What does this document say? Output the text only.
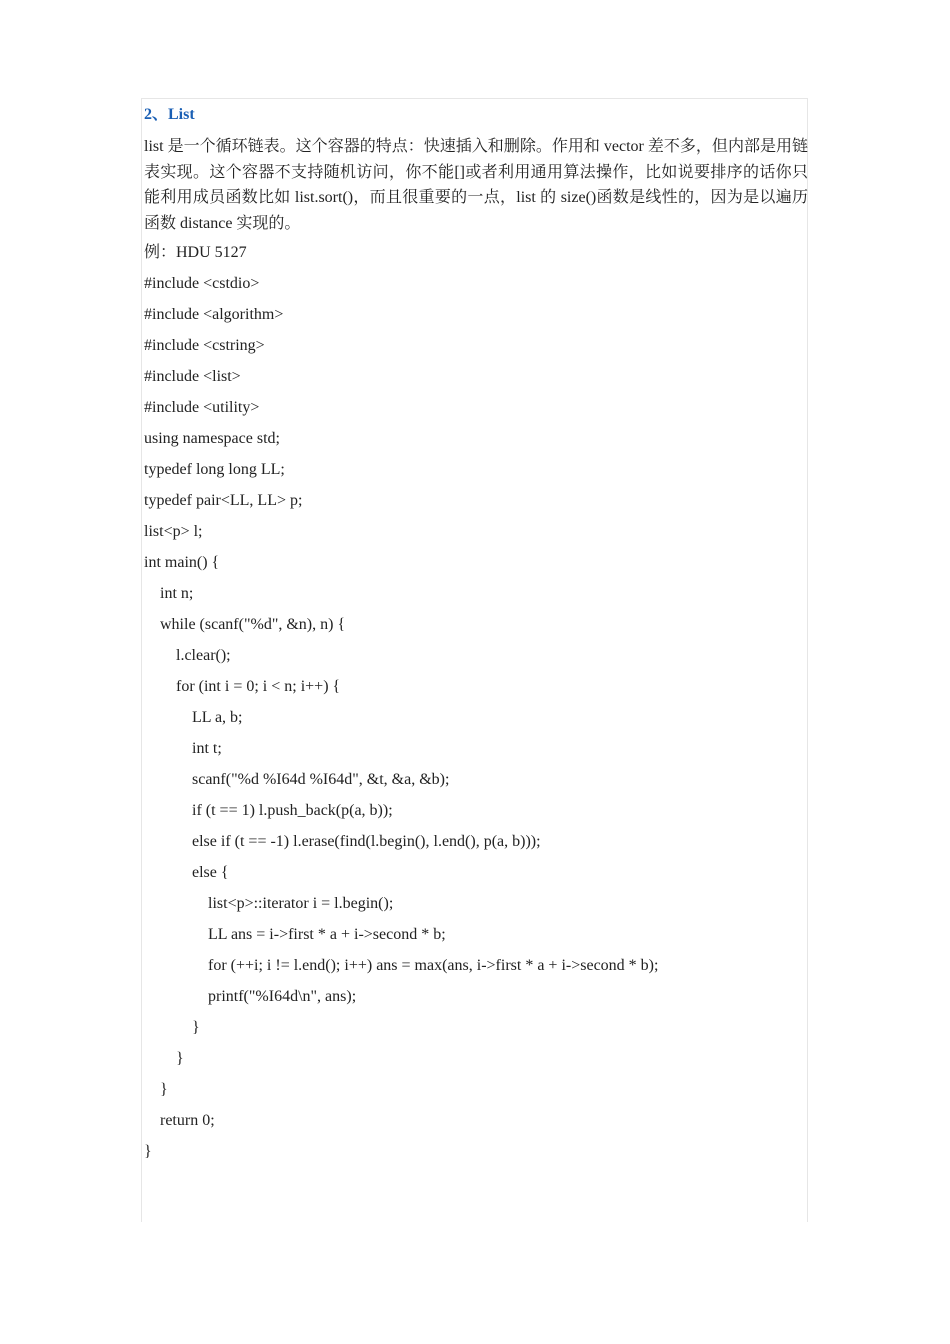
2、List

list 是一个循环链表。这个容器的特点：快速插入和删除。作用和 vector 差不多，但内部是用链表实现。这个容器不支持随机访问，你不能[]或者利用通用算法操作，比如说要排序的话你只能利用成员函数比如 list.sort()，而且很重要的一点，list 的 size()函数是线性的，因为是以遍历函数 distance 实现的。

例：HDU 5127

#include <cstdio>
#include <algorithm>
#include <cstring>
#include <list>
#include <utility>
using namespace std;
typedef long long LL;
typedef pair<LL, LL> p;
list<p> l;
int main() {
int n;
while (scanf("%d", &n), n) {
l.clear();
for (int i = 0; i < n; i++) {
LL a, b;
int t;
scanf("%d %I64d %I64d", &t, &a, &b);
if (t == 1) l.push_back(p(a, b));
else if (t == -1) l.erase(find(l.begin(), l.end(), p(a, b)));
else {
list<p>::iterator i = l.begin();
LL ans = i->first * a + i->second * b;
for (++i; i != l.end(); i++) ans = max(ans, i->first * a + i->second * b);
printf("%I64d\n", ans);
}
}
}
return 0;
}
